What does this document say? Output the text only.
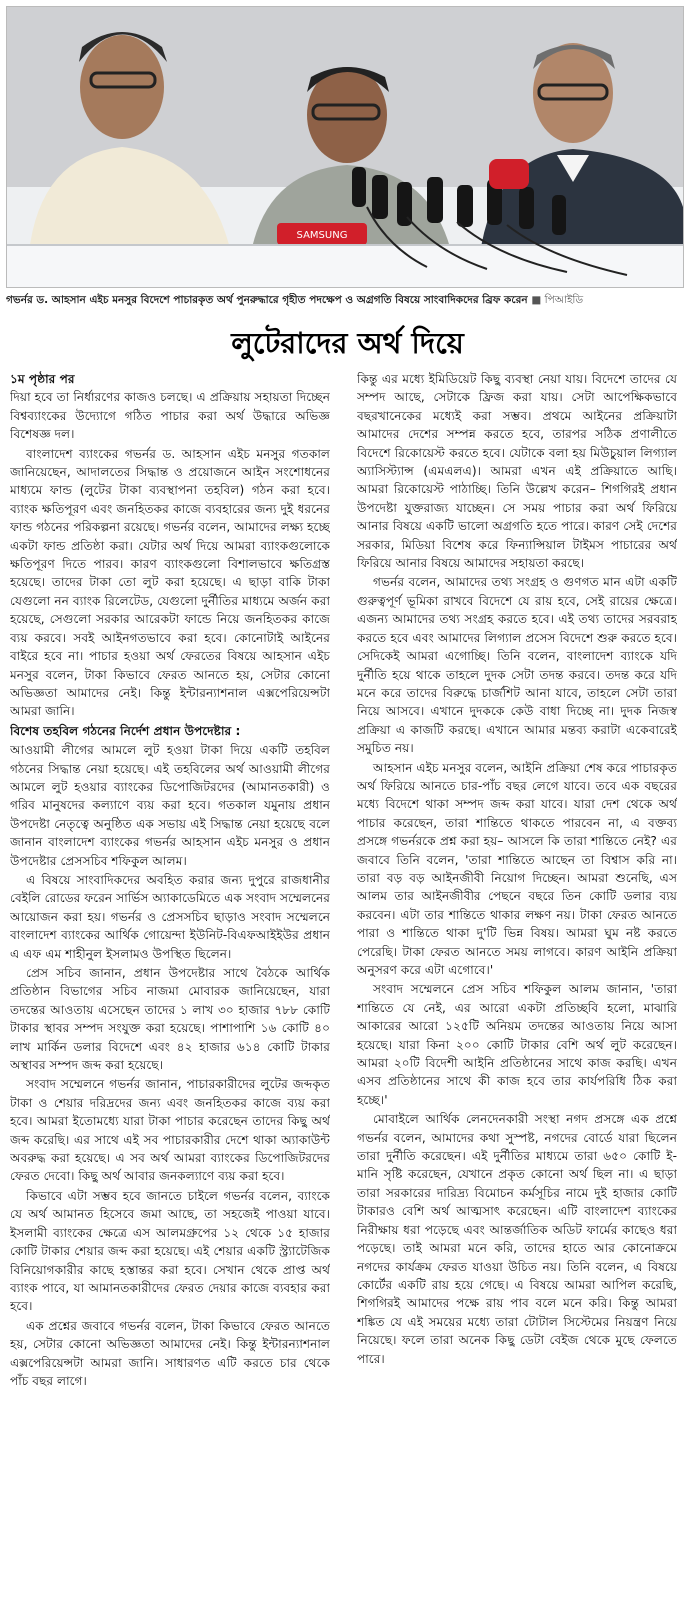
SAMSUNG
গভর্নর ড. আহসান এইচ মনসুর বিদেশে পাচারকৃত অর্থ পুনরুদ্ধারে গৃহীত পদক্ষেপ ও অগ্রগতি বিষয়ে সাংবাদিকদের ব্রিফ করেন ■ পিআইডি
লুটেরাদের অর্থ দিয়ে
১ম পৃষ্ঠার পর

দিয়া হবে তা নির্ধারণের কাজও চলছে। এ প্রক্রিয়ায় সহায়তা দিচ্ছেন বিশ্বব্যাংকের উদ্যোগে গঠিত পাচার করা অর্থ উদ্ধারে অভিজ্ঞ বিশেষজ্ঞ দল।

বাংলাদেশ ব্যাংকের গভর্নর ড. আহসান এইচ মনসুর গতকাল জানিয়েছেন, আদালতের সিদ্ধান্ত ও প্রয়োজনে আইন সংশোধনের মাধ্যমে ফান্ড (লুটের টাকা ব্যবস্থাপনা তহবিল) গঠন করা হবে। ব্যাংক ক্ষতিপূরণ এবং জনহিতকর কাজে ব্যবহারের জন্য দুই ধরনের ফান্ড গঠনের পরিকল্পনা রয়েছে। গভর্নর বলেন, আমাদের লক্ষ্য হচ্ছে একটা ফান্ড প্রতিষ্ঠা করা। যেটার অর্থ দিয়ে আমরা ব্যাংকগুলোকে ক্ষতিপূরণ দিতে পারব। কারণ ব্যাংকগুলো বিশালভাবে ক্ষতিগ্রস্ত হয়েছে। তাদের টাকা তো লুট করা হয়েছে। এ ছাড়া বাকি টাকা যেগুলো নন ব্যাংক রিলেটেড, যেগুলো দুর্নীতির মাধ্যমে অর্জন করা হয়েছে, সেগুলো সরকার আরেকটা ফান্ডে নিয়ে জনহিতকর কাজে ব্যয় করবে। সবই আইনগতভাবে করা হবে। কোনোটাই আইনের বাইরে হবে না। পাচার হওয়া অর্থ ফেরতের বিষয়ে আহসান এইচ মনসুর বলেন, টাকা কিভাবে ফেরত আনতে হয়, সেটার কোনো অভিজ্ঞতা আমাদের নেই। কিন্তু ইন্টারন্যাশনাল এক্সপেরিয়েন্সটা আমরা জানি।

বিশেষ তহবিল গঠনের নির্দেশ প্রধান উপদেষ্টার :

আওয়ামী লীগের আমলে লুট হওয়া টাকা দিয়ে একটি তহবিল গঠনের সিদ্ধান্ত নেয়া হয়েছে। এই তহবিলের অর্থ আওয়ামী লীগের আমলে লুট হওয়ার ব্যাংকের ডিপোজিটরদের (আমানতকারী) ও গরিব মানুষদের কল্যাণে ব্যয় করা হবে। গতকাল যমুনায় প্রধান উপদেষ্টা নেতৃত্বে অনুষ্ঠিত এক সভায় এই সিদ্ধান্ত নেয়া হয়েছে বলে জানান বাংলাদেশ ব্যাংকের গভর্নর আহসান এইচ মনসুর ও প্রধান উপদেষ্টার প্রেসসচিব শফিকুল আলম।

এ বিষয়ে সাংবাদিকদের অবহিত করার জন্য দুপুরে রাজধানীর বেইলি রোডের ফরেন সার্ভিস অ্যাকাডেমিতে এক সংবাদ সম্মেলনের আয়োজন করা হয়। গভর্নর ও প্রেসসচিব ছাড়াও সংবাদ সম্মেলনে বাংলাদেশ ব্যাংকের আর্থিক গোয়েন্দা ইউনিট-বিএফআইইউর প্রধান এ এফ এম শাহীনুল ইসলামও উপস্থিত ছিলেন।

প্রেস সচিব জানান, প্রধান উপদেষ্টার সাথে বৈঠকে আর্থিক প্রতিষ্ঠান বিভাগের সচিব নাজমা মোবারক জানিয়েছেন, যারা তদন্তের আওতায় এসেছেন তাদের ১ লাখ ৩০ হাজার ৭৮৮ কোটি টাকার স্থাবর সম্পদ সংযুক্ত করা হয়েছে। পাশাপাশি ১৬ কোটি ৪০ লাখ মার্কিন ডলার বিদেশে এবং ৪২ হাজার ৬১৪ কোটি টাকার অস্থাবর সম্পদ জব্দ করা হয়েছে।

সংবাদ সম্মেলনে গভর্নর জানান, পাচারকারীদের লুটের জব্দকৃত টাকা ও শেয়ার দরিদ্রদের জন্য এবং জনহিতকর কাজে ব্যয় করা হবে। আমরা ইতোমধ্যে যারা টাকা পাচার করেছেন তাদের কিছু অর্থ জব্দ করেছি। এর সাথে এই সব পাচারকারীর দেশে থাকা অ্যাকাউন্ট অবরুদ্ধ করা হয়েছে। এ সব অর্থ আমরা ব্যাংকের ডিপোজিটরদের ফেরত দেবো। কিছু অর্থ আবার জনকল্যাণে ব্যয় করা হবে।

কিভাবে এটা সম্ভব হবে জানতে চাইলে গভর্নর বলেন, ব্যাংকে যে অর্থ আমানত হিসেবে জমা আছে, তা সহজেই পাওয়া যাবে। ইসলামী ব্যাংকের ক্ষেত্রে এস আলমগ্রুপের ১২ থেকে ১৫ হাজার কোটি টাকার শেয়ার জব্দ করা হয়েছে। এই শেয়ার একটি স্ট্র্যাটেজিক বিনিয়োগকারীর কাছে হস্তান্তর করা হবে। সেখান থেকে প্রাপ্ত অর্থ ব্যাংক পাবে, যা আমানতকারীদের ফেরত দেয়ার কাজে ব্যবহার করা হবে।

এক প্রশ্নের জবাবে গভর্নর বলেন, টাকা কিভাবে ফেরত আনতে হয়, সেটার কোনো অভিজ্ঞতা আমাদের নেই। কিন্তু ইন্টারন্যাশনাল এক্সপেরিয়েন্সটা আমরা জানি। সাধারণত এটি করতে চার থেকে পাঁচ বছর লাগে।

কিন্তু এর মধ্যে ইমিডিয়েট কিছু ব্যবস্থা নেয়া যায়। বিদেশে তাদের যে সম্পদ আছে, সেটাকে ফ্রিজ করা যায়। সেটা আপেক্ষিকভাবে বছরখানেকের মধ্যেই করা সম্ভব। প্রথমে আইনের প্রক্রিয়াটা আমাদের দেশের সম্পন্ন করতে হবে, তারপর সঠিক প্রণালীতে বিদেশে রিকোয়েস্ট করতে হবে। যেটাকে বলা হয় মিউচুয়াল লিগ্যাল অ্যাসিস্ট্যান্স (এমএলএ)। আমরা এখন এই প্রক্রিয়াতে আছি। আমরা রিকোয়েস্ট পাঠাচ্ছি। তিনি উল্লেখ করেন– শিগগিরই প্রধান উপদেষ্টা যুক্তরাজ্য যাচ্ছেন। সে সময় পাচার করা অর্থ ফিরিয়ে আনার বিষয়ে একটি ভালো অগ্রগতি হতে পারে। কারণ সেই দেশের সরকার, মিডিয়া বিশেষ করে ফিন্যান্সিয়াল টাইমস পাচারের অর্থ ফিরিয়ে আনার বিষয়ে আমাদের সহায়তা করছে।

গভর্নর বলেন, আমাদের তথ্য সংগ্রহ ও গুণগত মান এটা একটি গুরুত্বপূর্ণ ভূমিকা রাখবে বিদেশে যে রায় হবে, সেই রায়ের ক্ষেত্রে। এজন্য আমাদের তথ্য সংগ্রহ করতে হবে। এই তথ্য তাদের সরবরাহ করতে হবে এবং আমাদের লিগ্যাল প্রসেস বিদেশে শুরু করতে হবে। সেদিকেই আমরা এগোচ্ছি। তিনি বলেন, বাংলাদেশ ব্যাংকে যদি দুর্নীতি হয়ে থাকে তাহলে দুদক সেটা তদন্ত করবে। তদন্ত করে যদি মনে করে তাদের বিরুদ্ধে চার্জশিট আনা যাবে, তাহলে সেটা তারা নিয়ে আসবে। এখানে দুদককে কেউ বাধা দিচ্ছে না। দুদক নিজস্ব প্রক্রিয়া এ কাজটি করছে। এখানে আমার মন্তব্য করাটা একেবারেই সমুচিত নয়।

আহসান এইচ মনসুর বলেন, আইনি প্রক্রিয়া শেষ করে পাচারকৃত অর্থ ফিরিয়ে আনতে চার-পাঁচ বছর লেগে যাবে। তবে এক বছরের মধ্যে বিদেশে থাকা সম্পদ জব্দ করা যাবে। যারা দেশ থেকে অর্থ পাচার করেছেন, তারা শান্তিতে থাকতে পারবেন না, এ বক্তব্য প্রসঙ্গে গভর্নরকে প্রশ্ন করা হয়– আসলে কি তারা শান্তিতে নেই? এর জবাবে তিনি বলেন, 'তারা শান্তিতে আছেন তা বিশ্বাস করি না। তারা বড় বড় আইনজীবী নিয়োগ দিচ্ছেন। আমরা শুনেছি, এস আলম তার আইনজীবীর পেছনে বছরে তিন কোটি ডলার ব্যয় করবেন। এটা তার শান্তিতে থাকার লক্ষণ নয়। টাকা ফেরত আনতে পারা ও শান্তিতে থাকা দু'টি ভিন্ন বিষয়। আমরা ঘুম নষ্ট করতে পেরেছি। টাকা ফেরত আনতে সময় লাগবে। কারণ আইনি প্রক্রিয়া অনুসরণ করে এটা এগোবে।'

সংবাদ সম্মেলনে প্রেস সচিব শফিকুল আলম জানান, 'তারা শান্তিতে যে নেই, এর আরো একটা প্রতিচ্ছবি হলো, মাঝারি আকারের আরো ১২৫টি অনিয়ম তদন্তের আওতায় নিয়ে আসা হয়েছে। যারা কিনা ২০০ কোটি টাকার বেশি অর্থ লুট করেছেন। আমরা ২০টি বিদেশী আইনি প্রতিষ্ঠানের সাথে কাজ করছি। এখন এসব প্রতিষ্ঠানের সাথে কী কাজ হবে তার কার্যপরিধি ঠিক করা হচ্ছে।'

মোবাইলে আর্থিক লেনদেনকারী সংস্থা নগদ প্রসঙ্গে এক প্রশ্নে গভর্নর বলেন, আমাদের কথা সুস্পষ্ট, নগদের বোর্ডে যারা ছিলেন তারা দুর্নীতি করেছেন। এই দুর্নীতির মাধ্যমে তারা ৬৫০ কোটি ই-মানি সৃষ্টি করেছেন, যেখানে প্রকৃত কোনো অর্থ ছিল না। এ ছাড়া তারা সরকারের দারিদ্র্য বিমোচন কর্মসূচির নামে দুই হাজার কোটি টাকারও বেশি অর্থ আত্মসাৎ করেছেন। এটি বাংলাদেশ ব্যাংকের নিরীক্ষায় ধরা পড়েছে এবং আন্তর্জাতিক অডিট ফার্মের কাছেও ধরা পড়েছে। তাই আমরা মনে করি, তাদের হাতে আর কোনোক্রমে নগদের কার্যক্রম ফেরত যাওয়া উচিত নয়। তিনি বলেন, এ বিষয়ে কোর্টের একটি রায় হয়ে গেছে। এ বিষয়ে আমরা আপিল করেছি, শিগগিরই আমাদের পক্ষে রায় পাব বলে মনে করি। কিন্তু আমরা শঙ্কিত যে এই সময়ের মধ্যে তারা টোটাল সিস্টেমের নিয়ন্ত্রণ নিয়ে নিয়েছে। ফলে তারা অনেক কিছু ডেটা বেইজ থেকে মুছে ফেলতে পারে।
